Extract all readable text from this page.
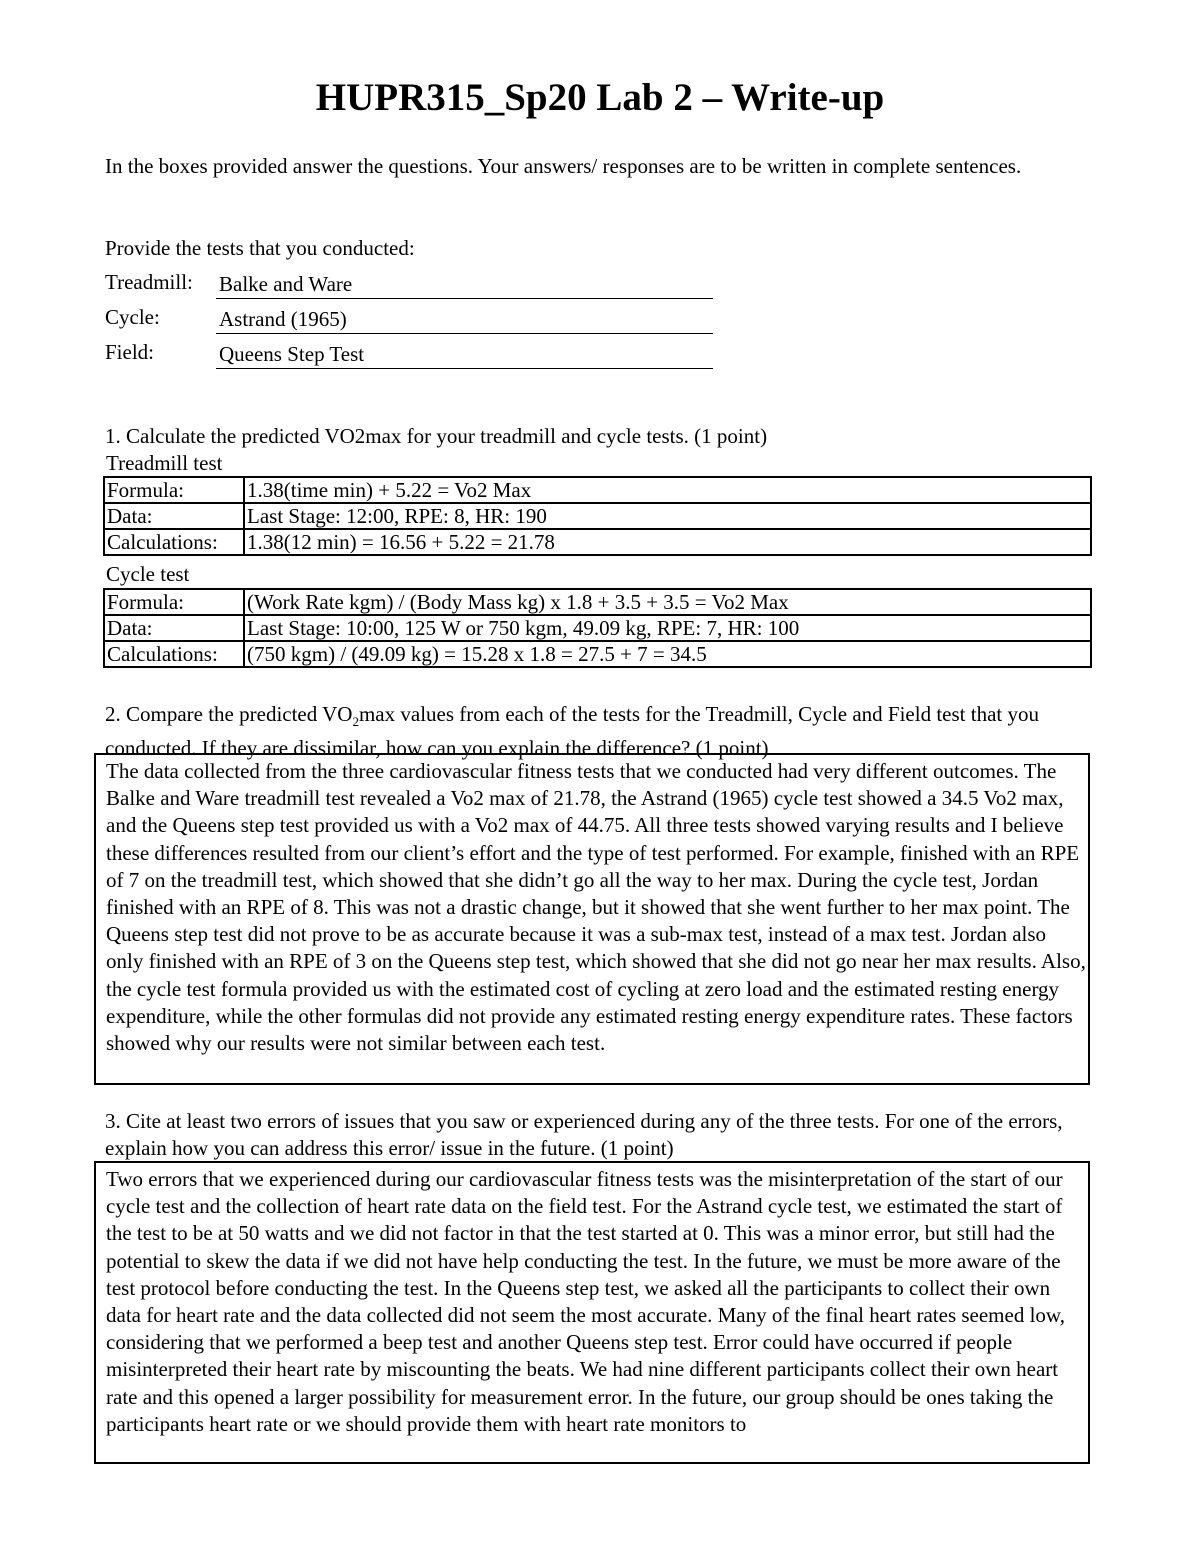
HUPR315_Sp20 Lab 2 – Write-up
In the boxes provided answer the questions. Your answers/ responses are to be written in complete sentences.
Provide the tests that you conducted:
Treadmill: Balke and Ware
Cycle:	Astrand (1965)
Field:	Queens Step Test
1. Calculate the predicted VO2max for your treadmill and cycle tests. (1 point)
Treadmill test
Formula:	1.38(time min) + 5.22 = Vo2 Max
Data:	Last Stage: 12:00, RPE: 8, HR: 190
Calculations:	1.38(12 min) = 16.56 + 5.22 = 21.78
Cycle test
Formula:	(Work Rate kgm) / (Body Mass kg) x 1.8 + 3.5 + 3.5 = Vo2 Max
Data:	Last Stage: 10:00, 125 W or 750 kgm, 49.09 kg, RPE: 7, HR: 100
Calculations:	(750 kgm) / (49.09 kg) = 15.28 x 1.8 = 27.5 + 7 = 34.5
2. Compare the predicted $VO_2\max$ values from each of the tests for the Treadmill, Cycle and Field test that you conducted. If they are dissimilar, how can you explain the difference? (1 point)
The data collected from the three cardiovascular fitness tests that we conducted had very different outcomes. The Balke and Ware treadmill test revealed a Vo2 max of 21.78, the Astrand (1965) cycle test showed a 34.5 Vo2 max, and the Queens step test provided us with a Vo2 max of 44.75. All three tests showed varying results and I believe these differences resulted from our client’s effort and the type of test performed. For example, finished with an RPE of 7 on the treadmill test, which showed that she didn’t go all the way to her max. During the cycle test, Jordan finished with an RPE of 8. This was not a drastic change, but it showed that she went further to her max point. The Queens step test did not prove to be as accurate because it was a sub-max test, instead of a max test. Jordan also only finished with an RPE of 3 on the Queens step test, which showed that she did not go near her max results. Also, the cycle test formula provided us with the estimated cost of cycling at zero load and the estimated resting energy expenditure, while the other formulas did not provide any estimated resting energy expenditure rates. These factors showed why our results were not similar between each test.
3. Cite at least two errors of issues that you saw or experienced during any of the three tests. For one of the errors, explain how you can address this error/ issue in the future. (1 point)
Two errors that we experienced during our cardiovascular fitness tests was the misinterpretation of the start of our cycle test and the collection of heart rate data on the field test. For the Astrand cycle test, we estimated the start of the test to be at 50 watts and we did not factor in that the test started at 0. This was a minor error, but still had the potential to skew the data if we did not have help conducting the test. In the future, we must be more aware of the test protocol before conducting the test. In the Queens step test, we asked all the participants to collect their own data for heart rate and the data collected did not seem the most accurate. Many of the final heart rates seemed low, considering that we performed a beep test and another Queens step test. Error could have occurred if people misinterpreted their heart rate by miscounting the beats. We had nine different participants collect their own heart rate and this opened a larger possibility for measurement error. In the future, our group should be ones taking the participants heart rate or we should provide them with heart rate monitors to
